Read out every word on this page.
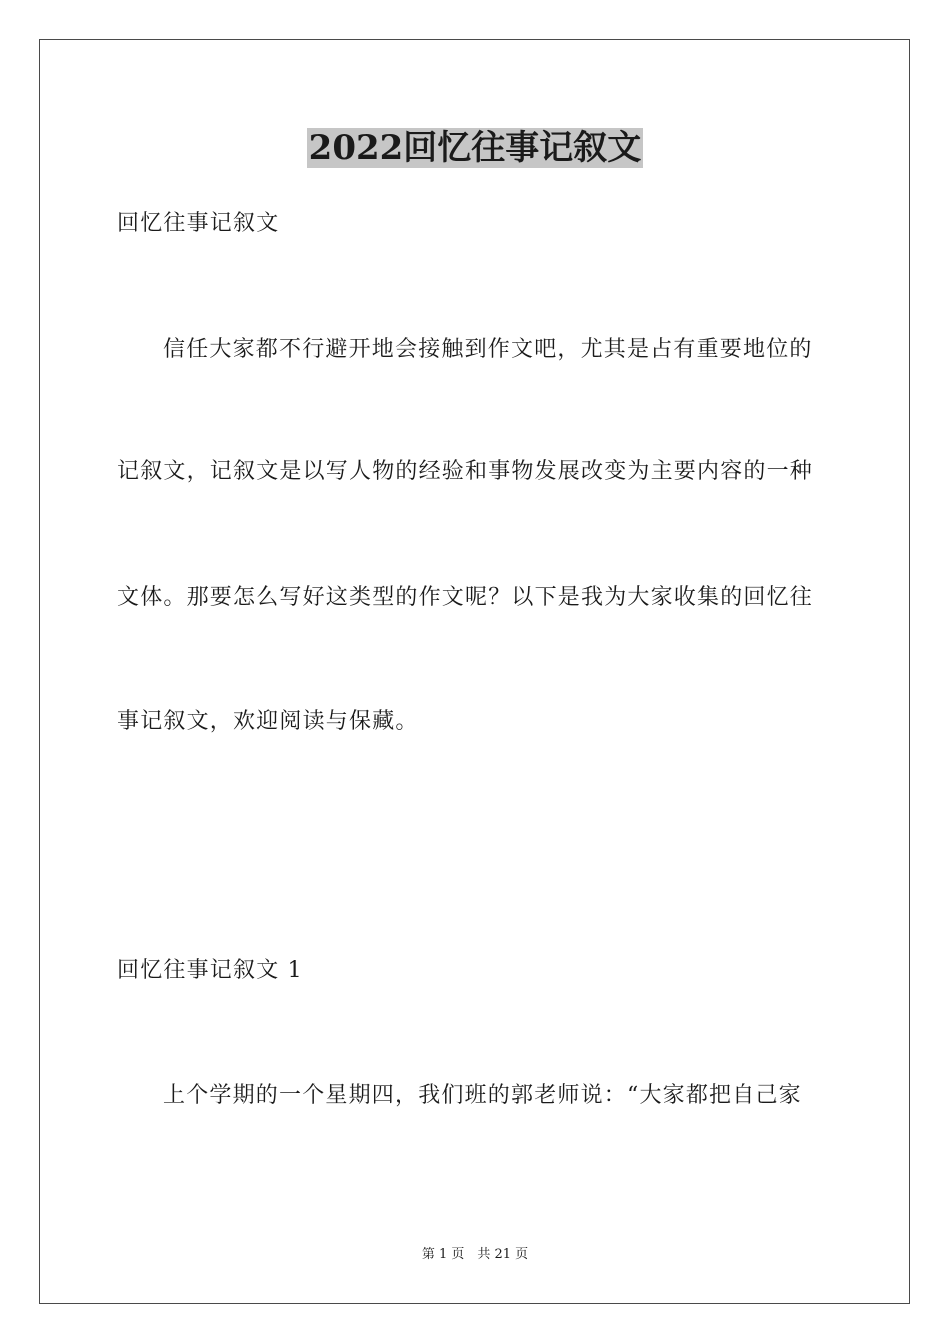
2022回忆往事记叙文
回忆往事记叙文
信任大家都不行避开地会接触到作文吧，尤其是占有重要地位的
记叙文，记叙文是以写人物的经验和事物发展改变为主要内容的一种
文体。那要怎么写好这类型的作文呢？以下是我为大家收集的回忆往
事记叙文，欢迎阅读与保藏。
回忆往事记叙文 1
上个学期的一个星期四，我们班的郭老师说：“大家都把自己家
第 1 页　共 21 页
